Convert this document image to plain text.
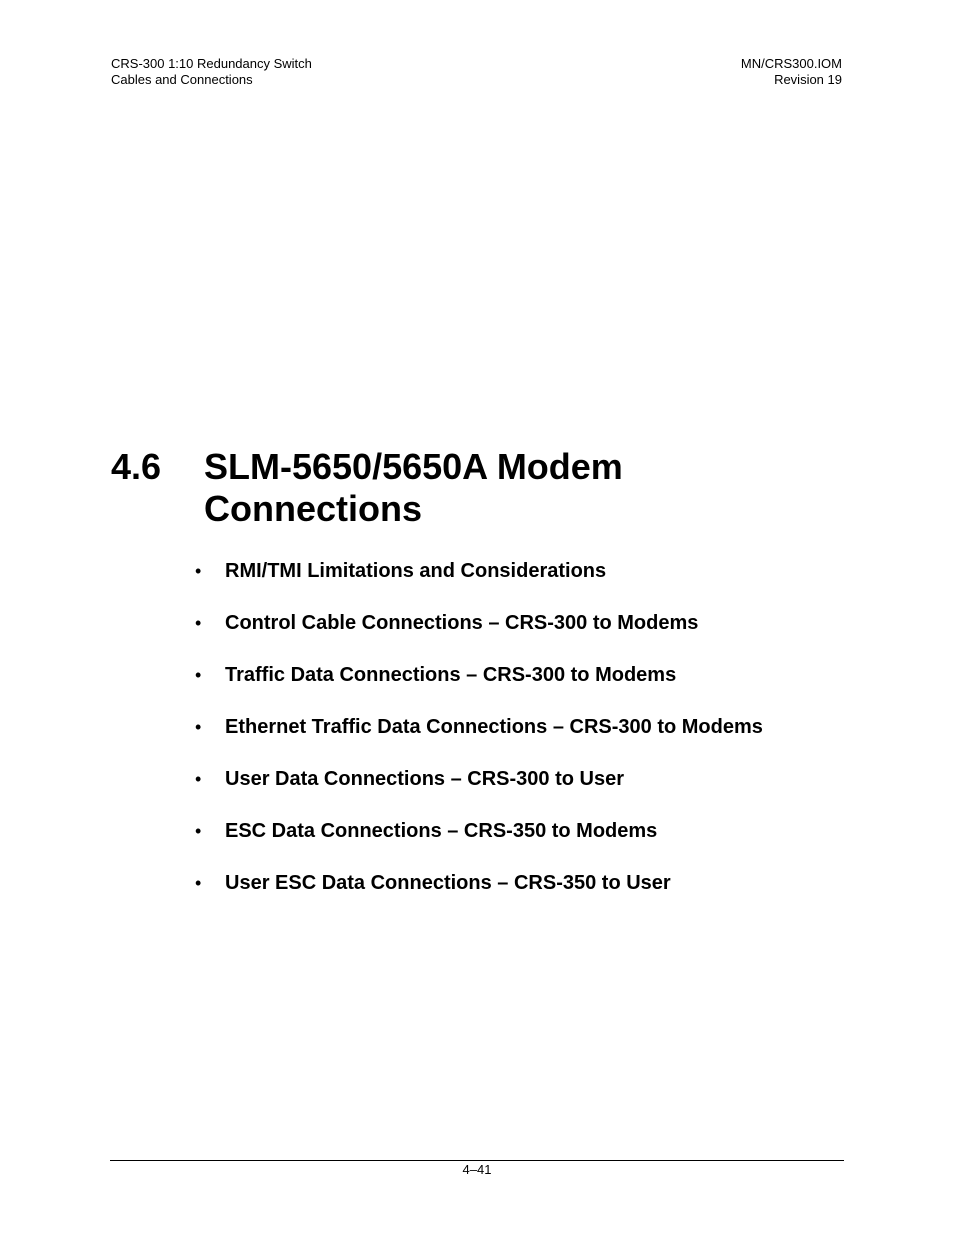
CRS-300 1:10 Redundancy Switch
Cables and Connections
MN/CRS300.IOM
Revision 19
4.6	SLM-5650/5650A Modem Connections
•	RMI/TMI Limitations and Considerations
•	Control Cable Connections – CRS-300 to Modems
•	Traffic Data Connections – CRS-300 to Modems
•	Ethernet Traffic Data Connections – CRS-300 to Modems
•	User Data Connections – CRS-300 to User
•	ESC Data Connections – CRS-350 to Modems
•	User ESC Data Connections – CRS-350 to User
4–41
